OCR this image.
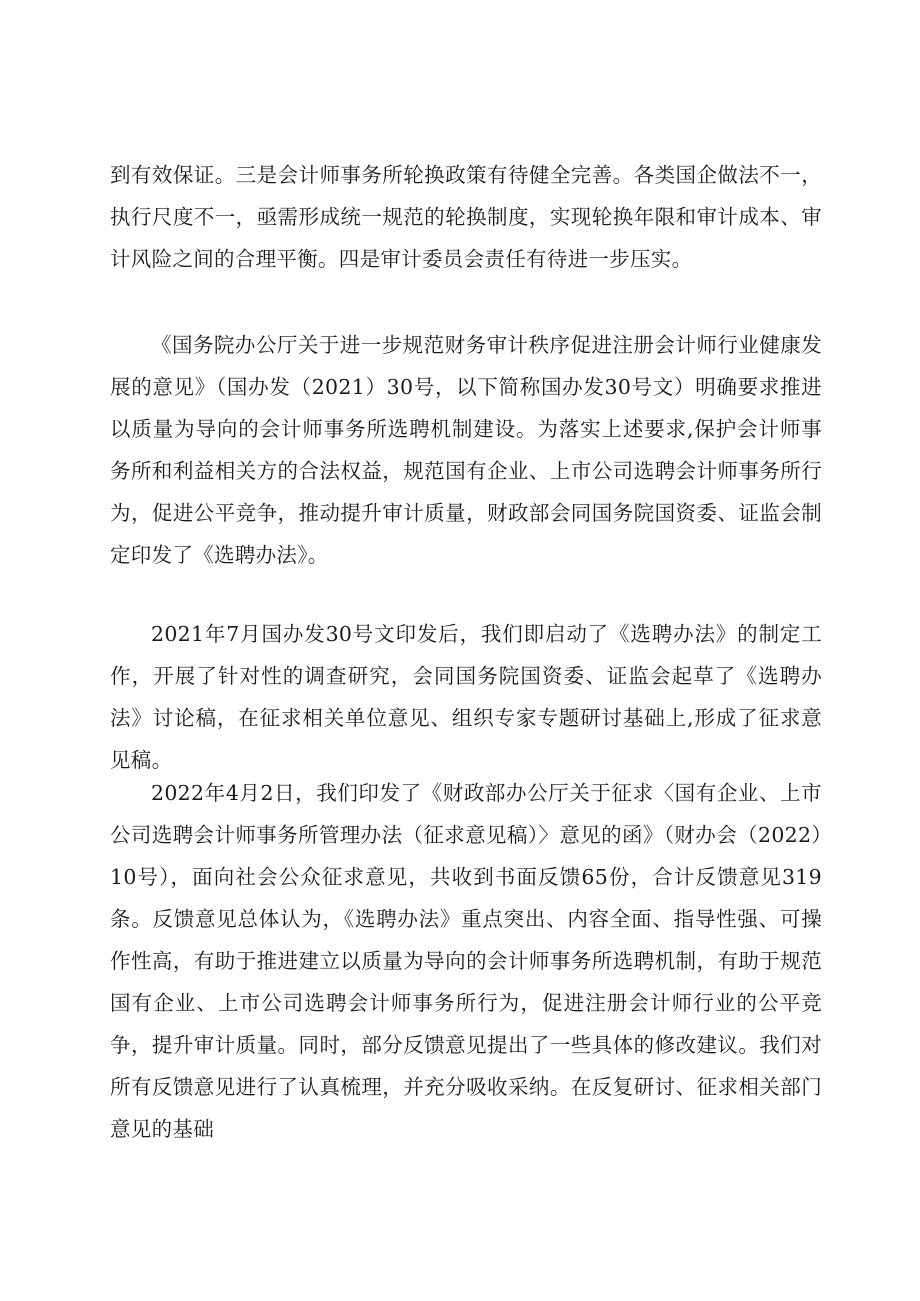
到有效保证。三是会计师事务所轮换政策有待健全完善。各类国企做法不一，执行尺度不一，亟需形成统一规范的轮换制度，实现轮换年限和审计成本、审计风险之间的合理平衡。四是审计委员会责任有待进一步压实。

《国务院办公厅关于进一步规范财务审计秩序促进注册会计师行业健康发展的意见》（国办发（2021）30号，以下简称国办发30号文）明确要求推进以质量为导向的会计师事务所选聘机制建设。为落实上述要求,保护会计师事务所和利益相关方的合法权益，规范国有企业、上市公司选聘会计师事务所行为，促进公平竞争，推动提升审计质量，财政部会同国务院国资委、证监会制定印发了《选聘办法》。

2021年7月国办发30号文印发后，我们即启动了《选聘办法》的制定工作，开展了针对性的调查研究，会同国务院国资委、证监会起草了《选聘办法》讨论稿，在征求相关单位意见、组织专家专题研讨基础上,形成了征求意见稿。

2022年4月2日，我们印发了《财政部办公厅关于征求〈国有企业、上市公司选聘会计师事务所管理办法（征求意见稿）〉意见的函》（财办会（2022）10号），面向社会公众征求意见，共收到书面反馈65份，合计反馈意见319条。反馈意见总体认为，《选聘办法》重点突出、内容全面、指导性强、可操作性高，有助于推进建立以质量为导向的会计师事务所选聘机制，有助于规范国有企业、上市公司选聘会计师事务所行为，促进注册会计师行业的公平竞争，提升审计质量。同时，部分反馈意见提出了一些具体的修改建议。我们对所有反馈意见进行了认真梳理，并充分吸收采纳。在反复研讨、征求相关部门意见的基础
